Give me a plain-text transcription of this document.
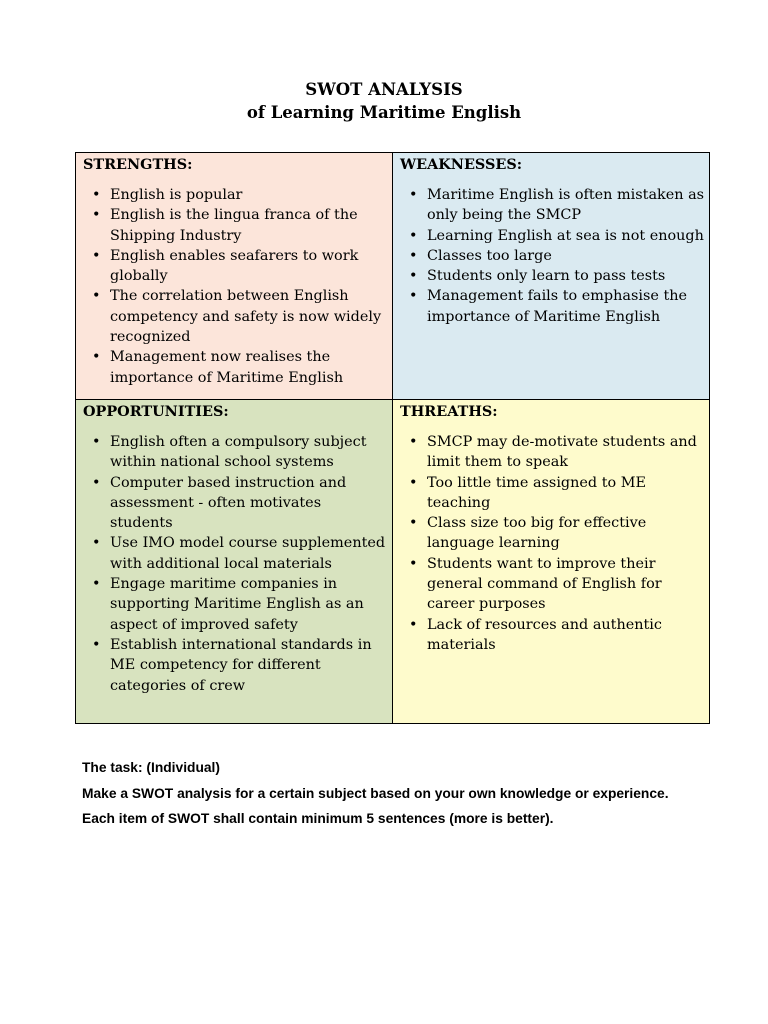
SWOT ANALYSIS
of Learning Maritime English

STRENGTHS:

• English is popular
• English is the lingua franca of the Shipping Industry
• English enables seafarers to work globally
• The correlation between English competency and safety is now widely recognized
• Management now realises the importance of Maritime English

WEAKNESSES:

• Maritime English is often mistaken as only being the SMCP
• Learning English at sea is not enough
• Classes too large
• Students only learn to pass tests
• Management fails to emphasise the importance of Maritime English

OPPORTUNITIES:

• English often a compulsory subject within national school systems
• Computer based instruction and assessment - often motivates students
• Use IMO model course supplemented with additional local materials
• Engage maritime companies in supporting Maritime English as an aspect of improved safety
• Establish international standards in ME competency for different categories of crew

THREATHS:

• SMCP may de-motivate students and limit them to speak
• Too little time assigned to ME teaching
• Class size too big for effective language learning
• Students want to improve their general command of English for career purposes
• Lack of resources and authentic materials

The task: (Individual)

Make a SWOT analysis for a certain subject based on your own knowledge or experience. Each item of SWOT shall contain minimum 5 sentences (more is better).
